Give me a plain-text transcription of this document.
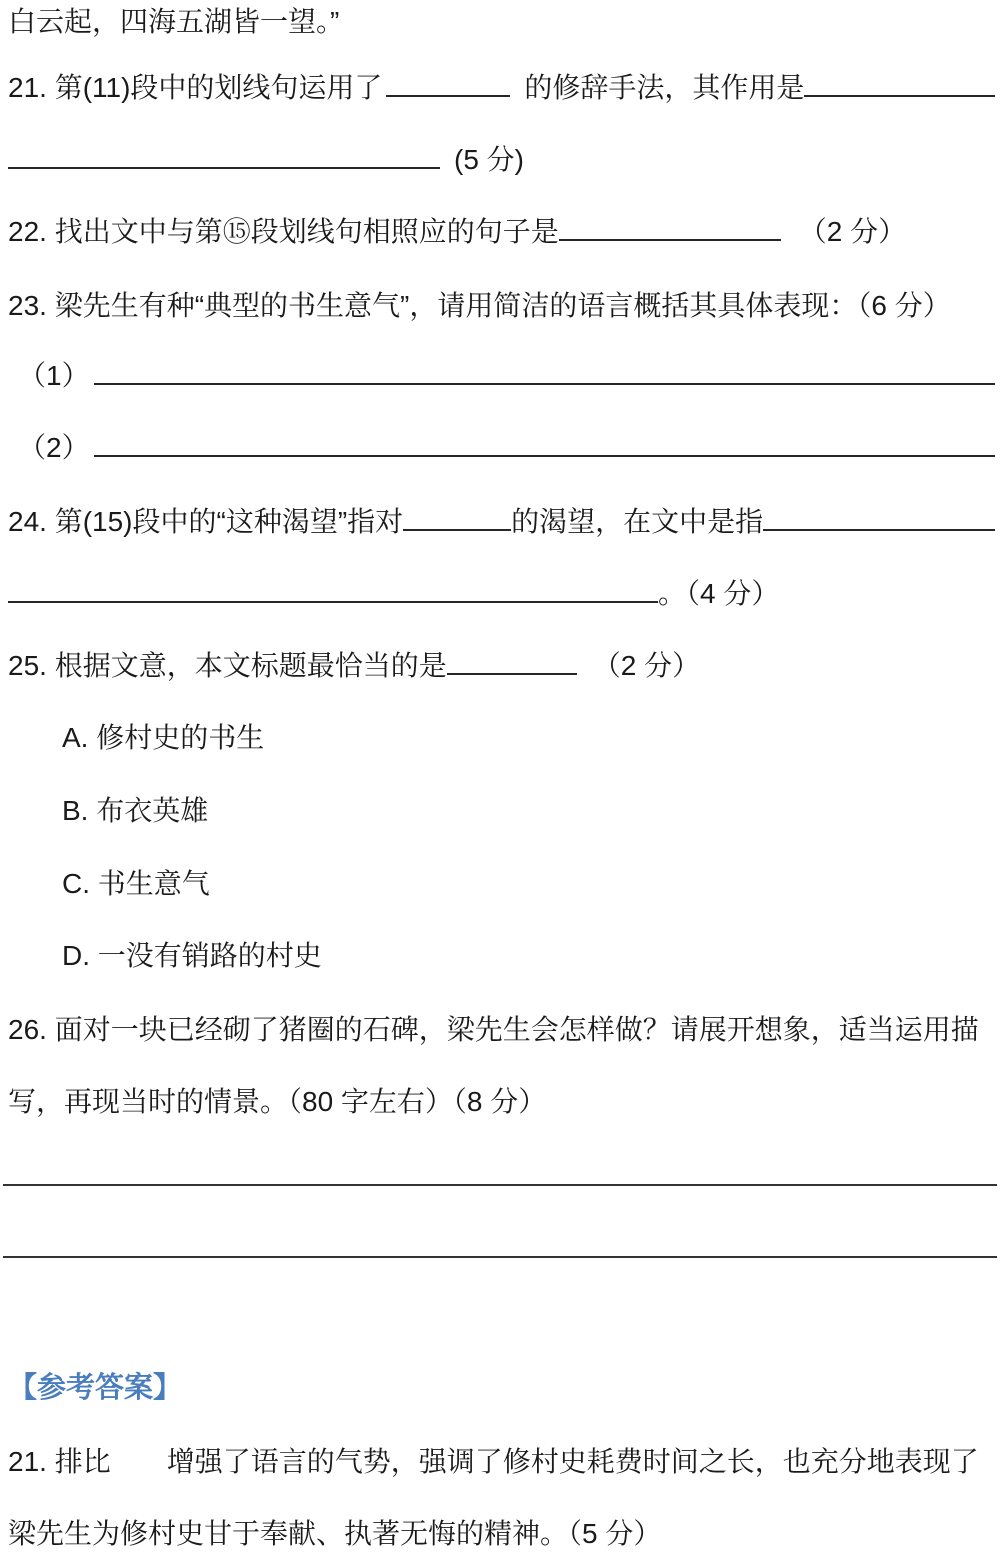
白云起，四海五湖皆一望。”
21. 第(11)段中的划线句运用了	的修辞手法，其作用是
(5 分)
22. 找出文中与第⑮段划线句相照应的句子是	（2 分）
23. 梁先生有种“典型的书生意气”，请用简洁的语言概括其具体表现：（6 分）
（1）
（2）
24. 第(15)段中的“这种渴望”指对	的渴望，在文中是指
。（4 分）
25. 根据文意，本文标题最恰当的是	（2 分）
A. 修村史的书生
B. 布衣英雄
C. 书生意气
D. 一没有销路的村史
26. 面对一块已经砌了猪圈的石碑，梁先生会怎样做？请展开想象，适当运用描
写，再现当时的情景。（80 字左右）（8 分）
【参考答案】
21. 排比 增强了语言的气势，强调了修村史耗费时间之长，也充分地表现了
梁先生为修村史甘于奉献、执著无悔的精神。（5 分）
